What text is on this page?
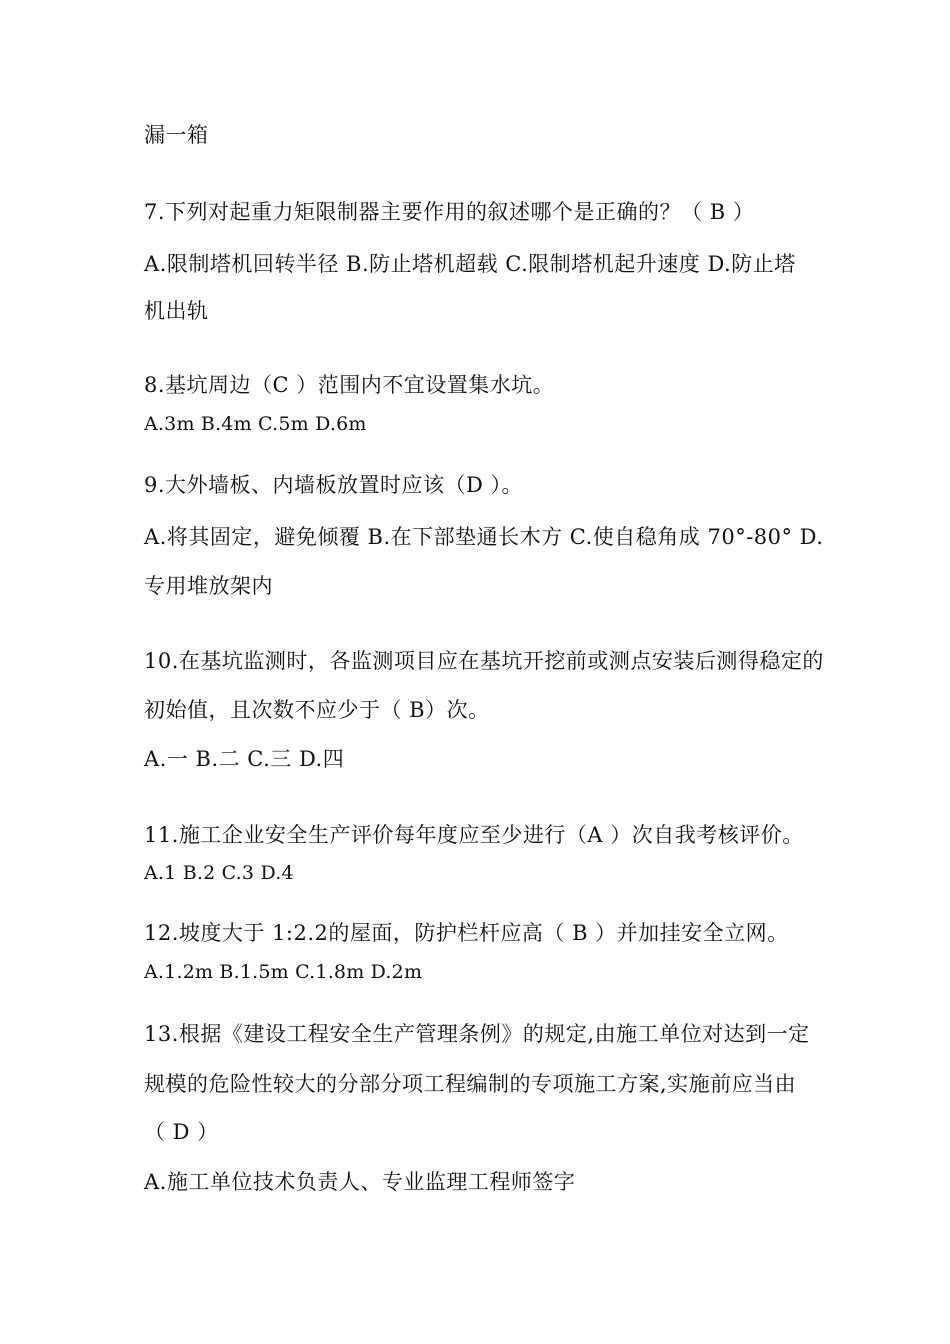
漏一箱
7.下列对起重力矩限制器主要作用的叙述哪个是正确的？（ B ）
A.限制塔机回转半径 B.防止塔机超载 C.限制塔机起升速度 D.防止塔
机出轨
8.基坑周边（C ）范围内不宜设置集水坑。
A.3m B.4m C.5m D.6m
9.大外墙板、内墙板放置时应该（D ）。
A.将其固定，避免倾覆 B.在下部垫通长木方 C.使自稳角成 70°-80° D.
专用堆放架内
10.在基坑监测时，各监测项目应在基坑开挖前或测点安装后测得稳定的
初始值，且次数不应少于（ B）次。
A.一 B.二 C.三 D.四
11.施工企业安全生产评价每年度应至少进行（A ）次自我考核评价。
A.1 B.2 C.3 D.4
12.坡度大于 1:2.2的屋面，防护栏杆应高（ B ）并加挂安全立网。
A.1.2m B.1.5m C.1.8m D.2m
13.根据《建设工程安全生产管理条例》的规定,由施工单位对达到一定
规模的危险性较大的分部分项工程编制的专项施工方案,实施前应当由
（ D ）
A.施工单位技术负责人、专业监理工程师签字
